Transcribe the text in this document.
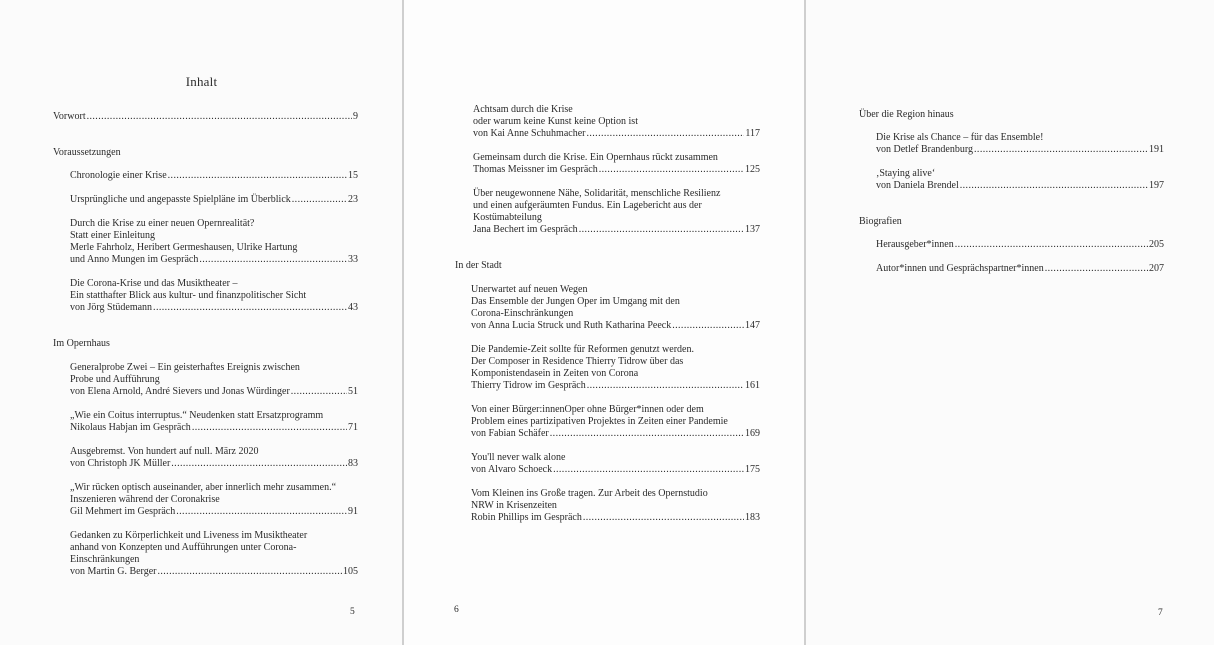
Inhalt
5
Vorwort .....	9
Voraussetzungen
Chronologie einer Krise .....	15
Ursprüngliche und angepasste Spielpläne im Überblick .....	23
Durch die Krise zu einer neuen Opernrealität?
Statt einer Einleitung
Merle Fahrholz, Heribert Germeshausen, Ulrike Hartung
und Anno Mungen im Gespräch .....	33
Die Corona-Krise und das Musiktheater –
Ein statthafter Blick aus kultur- und finanzpolitischer Sicht
von Jörg Stüdemann .....	43
Im Opernhaus
Generalprobe Zwei – Ein geisterhaftes Ereignis zwischen
Probe und Aufführung
von Elena Arnold, André Sievers und Jonas Würdinger .....	51
„Wie ein Coitus interruptus.“ Neudenken statt Ersatzprogramm
Nikolaus Habjan im Gespräch .....	71
Ausgebremst. Von hundert auf null. März 2020
von Christoph JK Müller .....	83
„Wir rücken optisch auseinander, aber innerlich mehr zusammen.“
Inszenieren während der Coronakrise
Gil Mehmert im Gespräch .....	91
Gedanken zu Körperlichkeit und Liveness im Musiktheater
anhand von Konzepten und Aufführungen unter Corona-
Einschränkungen
von Martin G. Berger .....	105
6
Achtsam durch die Krise
oder warum keine Kunst keine Option ist
von Kai Anne Schuhmacher .....	117
Gemeinsam durch die Krise. Ein Opernhaus rückt zusammen
Thomas Meissner im Gespräch .....	125
Über neugewonnene Nähe, Solidarität, menschliche Resilienz
und einen aufgeräumten Fundus. Ein Lagebericht aus der
Kostümabteilung
Jana Bechert im Gespräch .....	137
In der Stadt
Unerwartet auf neuen Wegen
Das Ensemble der Jungen Oper im Umgang mit den
Corona-Einschränkungen
von Anna Lucia Struck und Ruth Katharina Peeck .....	147
Die Pandemie-Zeit sollte für Reformen genutzt werden.
Der Composer in Residence Thierry Tidrow über das
Komponistendasein in Zeiten von Corona
Thierry Tidrow im Gespräch .....	161
Von einer Bürger:innenOper ohne Bürger*innen oder dem
Problem eines partizipativen Projektes in Zeiten einer Pandemie
von Fabian Schäfer .....	169
You'll never walk alone
von Alvaro Schoeck .....	175
Vom Kleinen ins Große tragen. Zur Arbeit des Opernstudio
NRW in Krisenzeiten
Robin Phillips im Gespräch .....	183
7
Über die Region hinaus
Die Krise als Chance – für das Ensemble!
von Detlef Brandenburg .....	191
‚Staying alive‘
von Daniela Brendel .....	197
Biografien
Herausgeber*innen .....	205
Autor*innen und Gesprächspartner*innen .....	207
